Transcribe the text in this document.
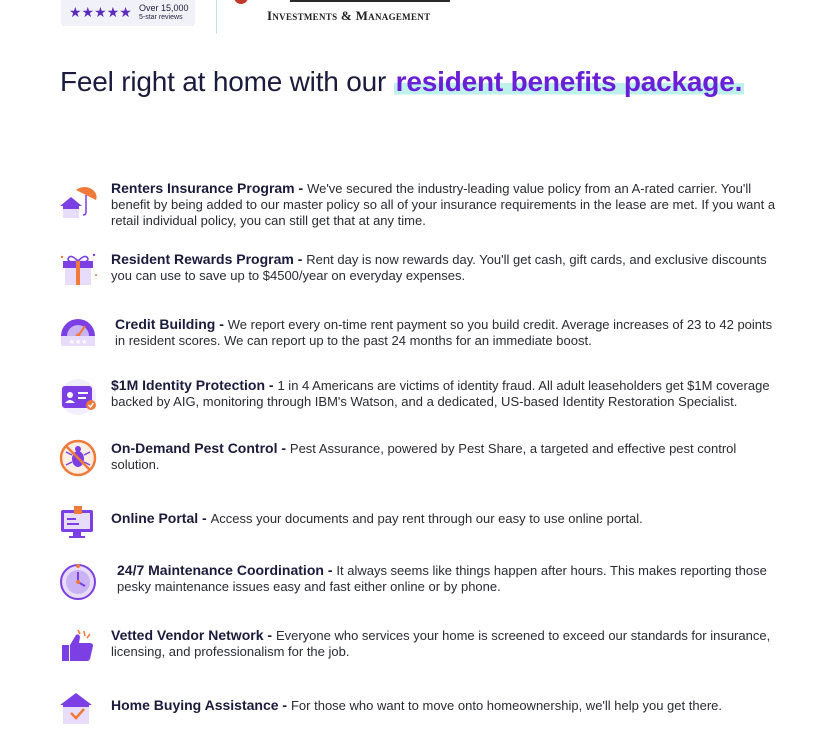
★★★★★ Over 15,000
5-star reviews	Investments & Management
Feel right at home with our resident benefits package.
Renters Insurance Program - We've secured the industry-leading value policy from an A-rated carrier. You'll benefit by being added to our master policy so all of your insurance requirements in the lease are met. If you want a retail individual policy, you can still get that at any time.
Resident Rewards Program - Rent day is now rewards day. You'll get cash, gift cards, and exclusive discounts you can use to save up to $4500/year on everyday expenses.
★★★
Credit Building - We report every on-time rent payment so you build credit. Average increases of 23 to 42 points in resident scores. We can report up to the past 24 months for an immediate boost.
$1M Identity Protection - 1 in 4 Americans are victims of identity fraud. All adult leaseholders get $1M coverage backed by AIG, monitoring through IBM's Watson, and a dedicated, US-based Identity Restoration Specialist.
On-Demand Pest Control - Pest Assurance, powered by Pest Share, a targeted and effective pest control solution.
Online Portal - Access your documents and pay rent through our easy to use online portal.
24/7 Maintenance Coordination - It always seems like things happen after hours. This makes reporting those pesky maintenance issues easy and fast either online or by phone.
Vetted Vendor Network - Everyone who services your home is screened to exceed our standards for insurance, licensing, and professionalism for the job.
Home Buying Assistance - For those who want to move onto homeownership, we'll help you get there.
